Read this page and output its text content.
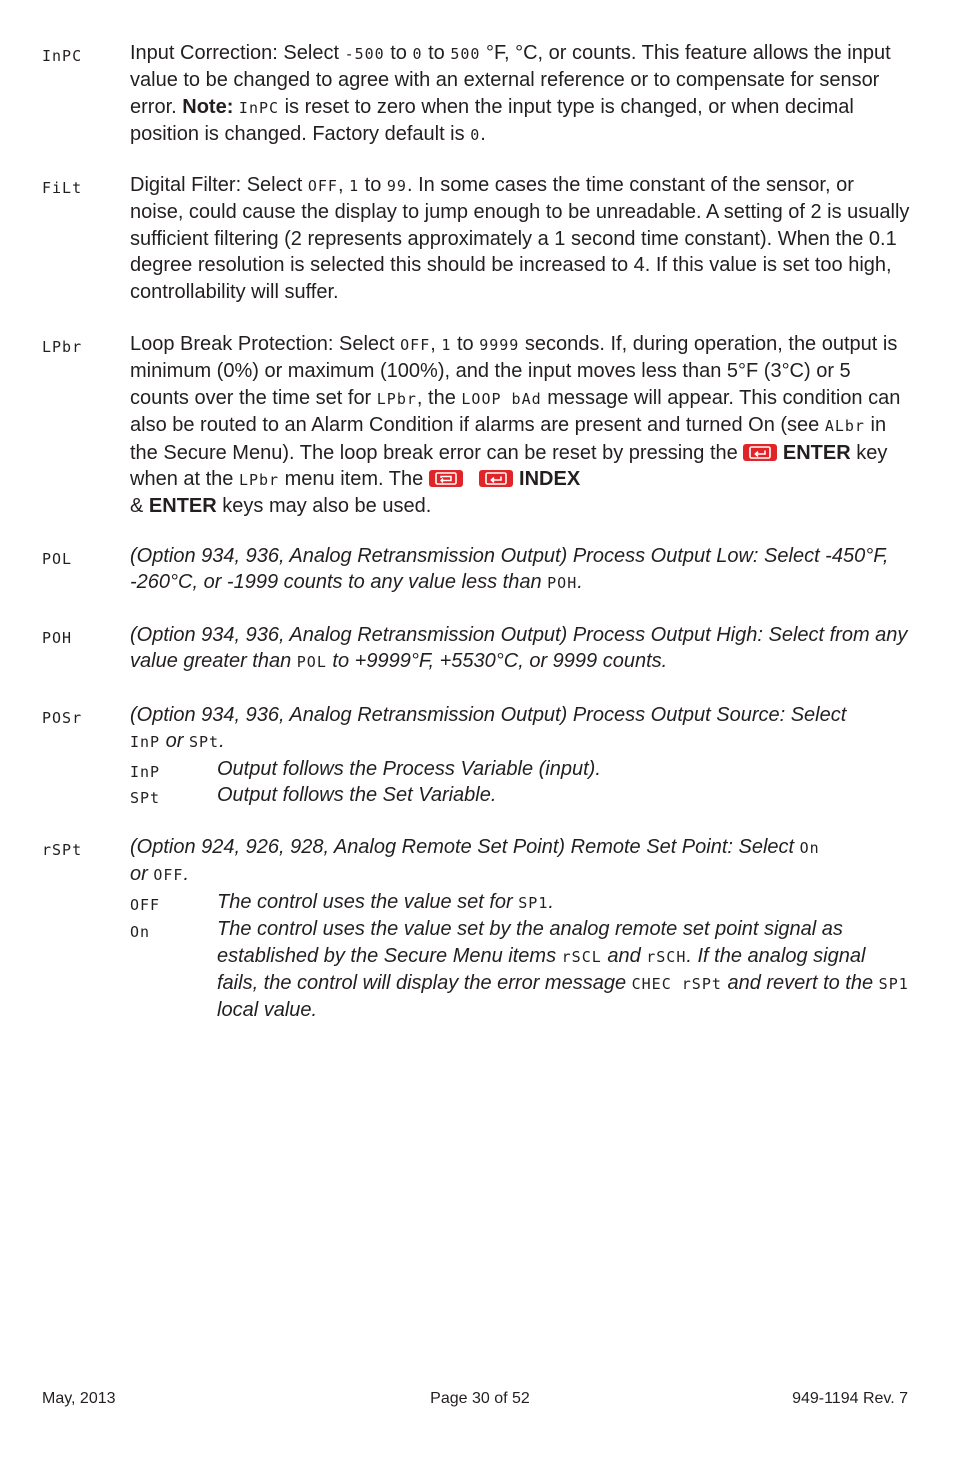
InPC Input Correction: Select -500 to 0 to 500 °F, °C, or counts. This feature allows the input value to be changed to agree with an external reference or to compensate for sensor error. Note: InPC is reset to zero when the input type is changed, or when decimal position is changed. Factory default is 0.
FiLt Digital Filter: Select OFF, 1 to 99. In some cases the time constant of the sensor, or noise, could cause the display to jump enough to be unreadable. A setting of 2 is usually sufficient filtering (2 represents approximately a 1 second time constant). When the 0.1 degree resolution is selected this should be increased to 4. If this value is set too high, controllability will suffer.
LPbr Loop Break Protection: Select OFF, 1 to 9999 seconds. If, during operation, the output is minimum (0%) or maximum (100%), and the input moves less than 5°F (3°C) or 5 counts over the time set for LPbr, the LOOP bAd message will appear. This condition can also be routed to an Alarm Condition if alarms are present and turned On (see ALbr in the Secure Menu). The loop break error can be reset by pressing the
ENTER key when at the LPbr menu item. The
	INDEX
& ENTER keys may also be used.
POL	(Option 934, 936, Analog Retransmission Output) Process Output Low: Select -450°F, -260°C, or -1999 counts to any value less than POH.
POH	(Option 934, 936, Analog Retransmission Output) Process Output High: Select from any value greater than POL to +9999°F, +5530°C, or 9999 counts.
POSr (Option 934, 936, Analog Retransmission Output) Process Output Source: Select
InP or SPt.
InP	Output follows the Process Variable (input).
SPt	Output follows the Set Variable.
rSPt (Option 924, 926, 928, Analog Remote Set Point) Remote Set Point: Select On
or OFF.
OFF	The control uses the value set for SP1.
On	The control uses the value set by the analog remote set point signal as established by the Secure Menu items rSCL and rSCH. If the analog signal fails, the control will display the error message CHEC rSPt and revert to the SP1 local value.
May, 2013	Page 30 of 52	949-1194 Rev. 7
